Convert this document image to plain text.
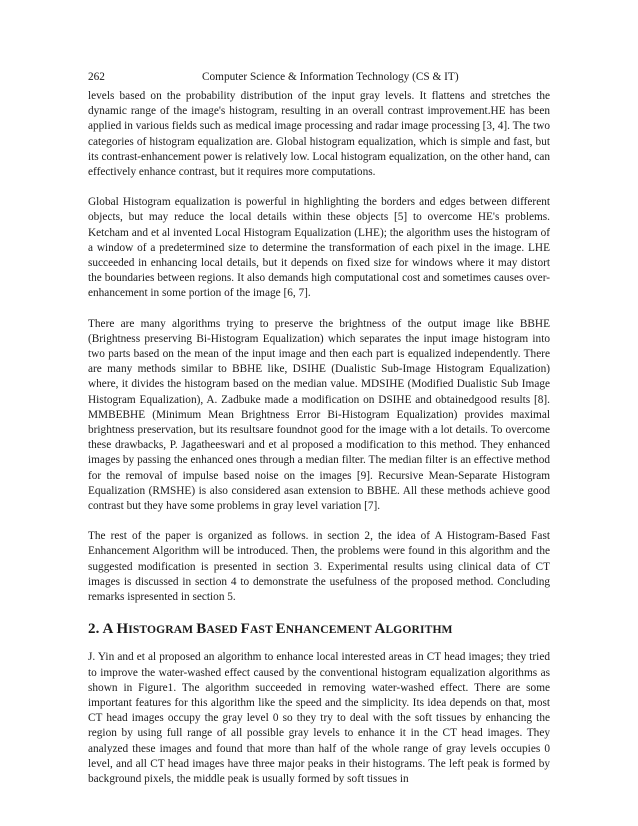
262	Computer Science & Information Technology (CS & IT)

levels based on the probability distribution of the input gray levels. It flattens and stretches the dynamic range of the image's histogram, resulting in an overall contrast improvement.HE has been applied in various fields such as medical image processing and radar image processing [3, 4]. The two categories of histogram equalization are. Global histogram equalization, which is simple and fast, but its contrast-enhancement power is relatively low. Local histogram equalization, on the other hand, can effectively enhance contrast, but it requires more computations.

Global Histogram equalization is powerful in highlighting the borders and edges between different objects, but may reduce the local details within these objects [5] to overcome HE's problems. Ketcham and et al invented Local Histogram Equalization (LHE); the algorithm uses the histogram of a window of a predetermined size to determine the transformation of each pixel in the image. LHE succeeded in enhancing local details, but it depends on fixed size for windows where it may distort the boundaries between regions. It also demands high computational cost and sometimes causes over-enhancement in some portion of the image [6, 7].

There are many algorithms trying to preserve the brightness of the output image like BBHE (Brightness preserving Bi-Histogram Equalization) which separates the input image histogram into two parts based on the mean of the input image and then each part is equalized independently. There are many methods similar to BBHE like, DSIHE (Dualistic Sub-Image Histogram Equalization) where, it divides the histogram based on the median value. MDSIHE (Modified Dualistic Sub Image Histogram Equalization), A. Zadbuke made a modification on DSIHE and obtainedgood results [8]. MMBEBHE (Minimum Mean Brightness Error Bi-Histogram Equalization) provides maximal brightness preservation, but its resultsare foundnot good for the image with a lot details. To overcome these drawbacks, P. Jagatheeswari and et al proposed a modification to this method. They enhanced images by passing the enhanced ones through a median filter. The median filter is an effective method for the removal of impulse based noise on the images [9]. Recursive Mean-Separate Histogram Equalization (RMSHE) is also considered asan extension to BBHE. All these methods achieve good contrast but they have some problems in gray level variation [7].

The rest of the paper is organized as follows. in section 2, the idea of A Histogram-Based Fast Enhancement Algorithm will be introduced. Then, the problems were found in this algorithm and the suggested modification is presented in section 3. Experimental results using clinical data of CT images is discussed in section 4 to demonstrate the usefulness of the proposed method. Concluding remarks ispresented in section 5.

2. A HISTOGRAM BASED FAST ENHANCEMENT ALGORITHM

J. Yin and et al proposed an algorithm to enhance local interested areas in CT head images; they tried to improve the water-washed effect caused by the conventional histogram equalization algorithms as shown in Figure1. The algorithm succeeded in removing water-washed effect. There are some important features for this algorithm like the speed and the simplicity. Its idea depends on that, most CT head images occupy the gray level 0 so they try to deal with the soft tissues by enhancing the region by using full range of all possible gray levels to enhance it in the CT head images. They analyzed these images and found that more than half of the whole range of gray levels occupies 0 level, and all CT head images have three major peaks in their histograms. The left peak is formed by background pixels, the middle peak is usually formed by soft tissues in
